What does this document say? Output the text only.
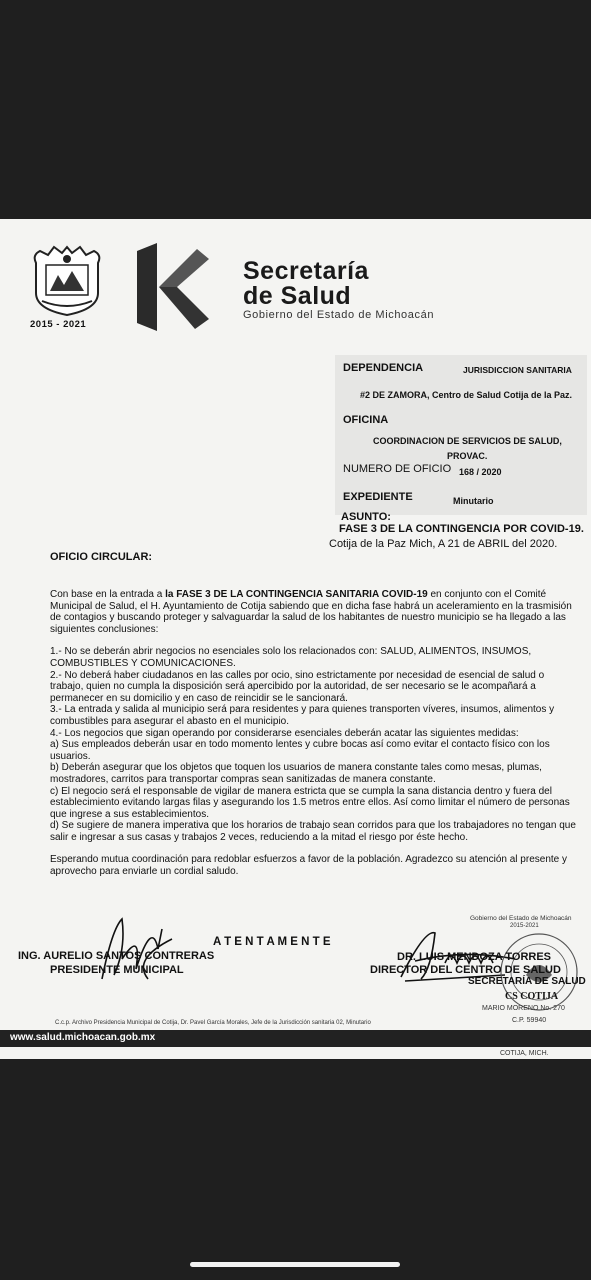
2015 - 2021
Secretaría
de Salud
Gobierno del Estado de Michoacán
DEPENDENCIA	JURISDICCION SANITARIA
#2 DE ZAMORA, Centro de Salud Cotija de la Paz.
OFICINA
COORDINACION DE SERVICIOS DE SALUD,
PROVAC.
NUMERO DE OFICIO 168 / 2020
EXPEDIENTE	Minutario
ASUNTO:
FASE 3 DE LA CONTINGENCIA POR COVID-19.
Cotija de la Paz Mich, A 21 de ABRIL del 2020.
OFICIO CIRCULAR:

Con base en la entrada a la FASE 3 DE LA CONTINGENCIA SANITARIA COVID-19 en conjunto con el Comité Municipal de Salud, el H. Ayuntamiento de Cotija sabiendo que en dicha fase habrá un aceleramiento en la trasmisión de contagios y buscando proteger y salvaguardar la salud de los habitantes de nuestro municipio se ha llegado a las siguientes conclusiones:

1.- No se deberán abrir negocios no esenciales solo los relacionados con: SALUD, ALIMENTOS, INSUMOS, COMBUSTIBLES Y COMUNICACIONES.

2.- No deberá haber ciudadanos en las calles por ocio, sino estrictamente por necesidad de esencial de salud o trabajo, quien no cumpla la disposición será apercibido por la autoridad, de ser necesario se le acompañará a permanecer en su domicilio y en caso de reincidir se le sancionará.

3.- La entrada y salida al municipio será para residentes y para quienes transporten víveres, insumos, alimentos y combustibles para asegurar el abasto en el municipio.

4.- Los negocios que sigan operando por considerarse esenciales deberán acatar las siguientes medidas:

a) Sus empleados deberán usar en todo momento lentes y cubre bocas así como evitar el contacto físico con los usuarios.

b) Deberán asegurar que los objetos que toquen los usuarios de manera constante tales como mesas, plumas, mostradores, carritos para transportar compras sean sanitizadas de manera constante.

c) El negocio será el responsable de vigilar de manera estricta que se cumpla la sana distancia dentro y fuera del establecimiento evitando largas filas y asegurando los 1.5 metros entre ellos. Así como limitar el número de personas que ingrese a sus establecimientos.

d) Se sugiere de manera imperativa que los horarios de trabajo sean corridos para que los trabajadores no tengan que salir e ingresar a sus casas y trabajos 2 veces, reduciendo a la mitad el riesgo por éste hecho.

Esperando mutua coordinación para redoblar esfuerzos a favor de la población. Agradezco su atención al presente y aprovecho para enviarle un cordial saludo.

A T E N T A M E N T E
Gobierno del Estado de Michoacán
2015-2021
ING. AURELIO SANTOS CONTRERAS
PRESIDENTE MUNICIPAL
DR. LUIS MENDOZA TORRES
DIRECTOR DEL CENTRO DE SALUD
SECRETARÍA DE SALUD
CS COTIJA
MARIO MORENO No. 270
C.P. 59940
C.c.p. Archivo Presidencia Municipal de Cotija, Dr. Pavel García Morales, Jefe de la Jurisdicción sanitaria 02, Minutario
www.salud.michoacan.gob.mx
COTIJA, MICH.
